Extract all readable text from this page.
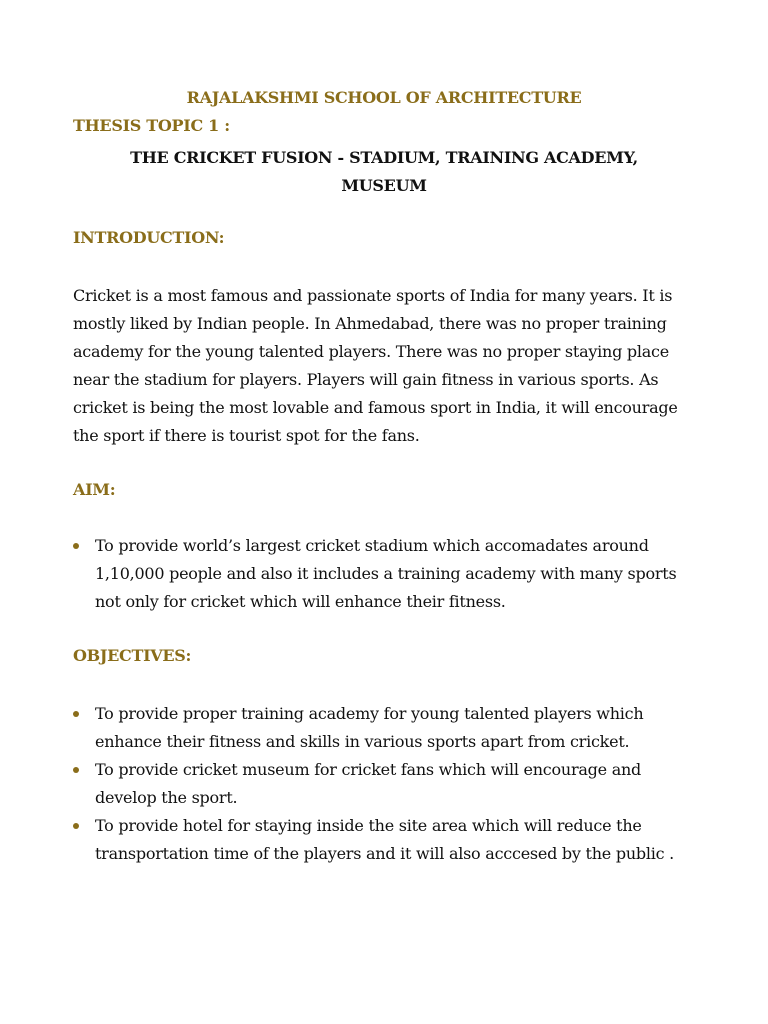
RAJALAKSHMI SCHOOL OF ARCHITECTURE
THESIS TOPIC 1 :
THE CRICKET FUSION - STADIUM, TRAINING ACADEMY,
MUSEUM
INTRODUCTION:
Cricket is a most famous and passionate sports of India for many years. It is mostly liked by Indian people. In Ahmedabad, there was no proper training academy for the young talented players. There was no proper staying place near the stadium for players. Players will gain fitness in various sports. As cricket is being the most lovable and famous sport in India, it will encourage the sport if there is tourist spot for the fans.
AIM:
To provide world’s largest cricket stadium which accomadates around 1,10,000 people and also it includes a training academy with many sports not only for cricket which will enhance their fitness.
OBJECTIVES:
To provide proper training academy for young talented players which enhance their fitness and skills in various sports apart from cricket.
To provide cricket museum for cricket fans which will encourage and develop the sport.
To provide hotel for staying inside the site area which will reduce the transportation time of the players and it will also acccesed by the public .
